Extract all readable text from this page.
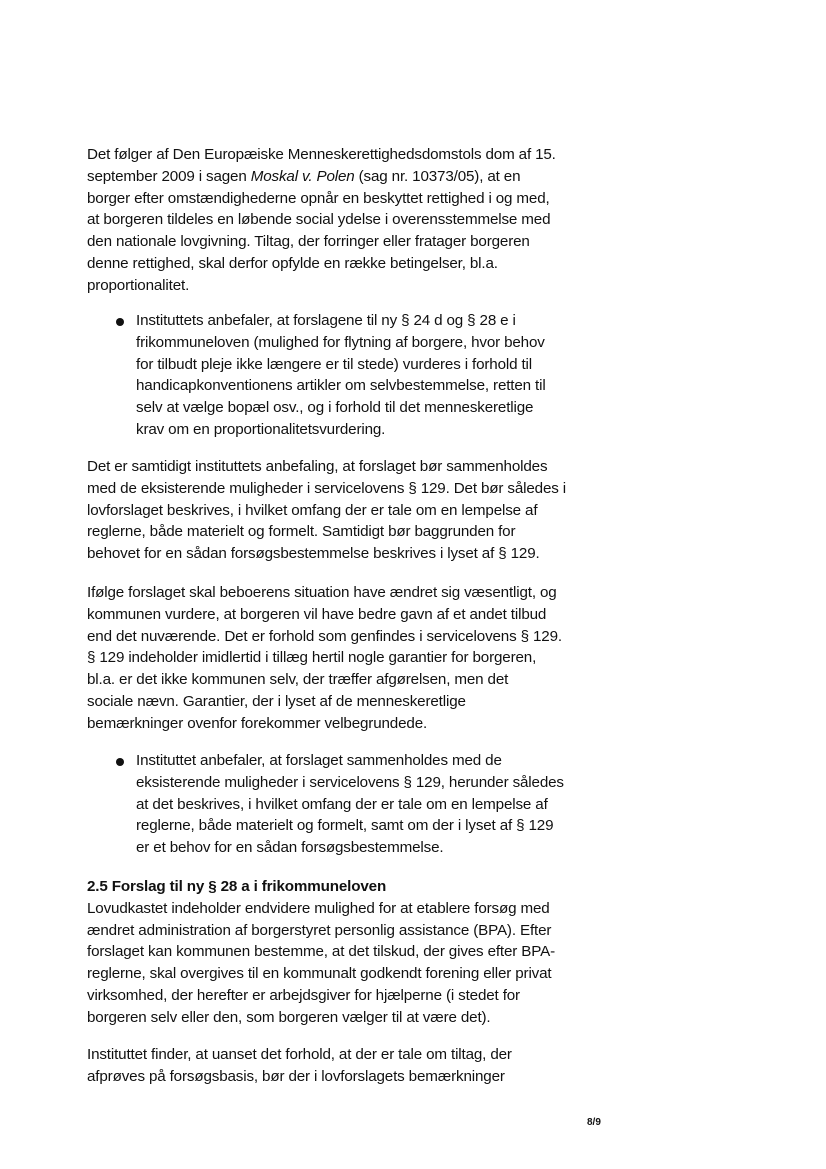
Det følger af Den Europæiske Menneskerettighedsdomstols dom af 15.
september 2009 i sagen Moskal v. Polen (sag nr. 10373/05), at en
borger efter omstændighederne opnår en beskyttet rettighed i og med,
at borgeren tildeles en løbende social ydelse i overensstemmelse med
den nationale lovgivning. Tiltag, der forringer eller fratager borgeren
denne rettighed, skal derfor opfylde en række betingelser, bl.a.
proportionalitet.
Instituttets anbefaler, at forslagene til ny § 24 d og § 28 e i
frikommuneloven (mulighed for flytning af borgere, hvor behov
for tilbudt pleje ikke længere er til stede) vurderes i forhold til
handicapkonventionens artikler om selvbestemmelse, retten til
selv at vælge bopæl osv., og i forhold til det menneskeretlige
krav om en proportionalitetsvurdering.
Det er samtidigt instituttets anbefaling, at forslaget bør sammenholdes
med de eksisterende muligheder i servicelovens § 129. Det bør således i
lovforslaget beskrives, i hvilket omfang der er tale om en lempelse af
reglerne, både materielt og formelt. Samtidigt bør baggrunden for
behovet for en sådan forsøgsbestemmelse beskrives i lyset af § 129.
Ifølge forslaget skal beboerens situation have ændret sig væsentligt, og
kommunen vurdere, at borgeren vil have bedre gavn af et andet tilbud
end det nuværende. Det er forhold som genfindes i servicelovens § 129.
§ 129 indeholder imidlertid i tillæg hertil nogle garantier for borgeren,
bl.a. er det ikke kommunen selv, der træffer afgørelsen, men det
sociale nævn. Garantier, der i lyset af de menneskeretlige
bemærkninger ovenfor forekommer velbegrundede.
Instituttet anbefaler, at forslaget sammenholdes med de
eksisterende muligheder i servicelovens § 129, herunder således
at det beskrives, i hvilket omfang der er tale om en lempelse af
reglerne, både materielt og formelt, samt om der i lyset af § 129
er et behov for en sådan forsøgsbestemmelse.
2.5 Forslag til ny § 28 a i frikommuneloven
Lovudkastet indeholder endvidere mulighed for at etablere forsøg med
ændret administration af borgerstyret personlig assistance (BPA). Efter
forslaget kan kommunen bestemme, at det tilskud, der gives efter BPA-
reglerne, skal overgives til en kommunalt godkendt forening eller privat
virksomhed, der herefter er arbejdsgiver for hjælperne (i stedet for
borgeren selv eller den, som borgeren vælger til at være det).
Instituttet finder, at uanset det forhold, at der er tale om tiltag, der
afprøves på forsøgsbasis, bør der i lovforslagets bemærkninger
8/9
